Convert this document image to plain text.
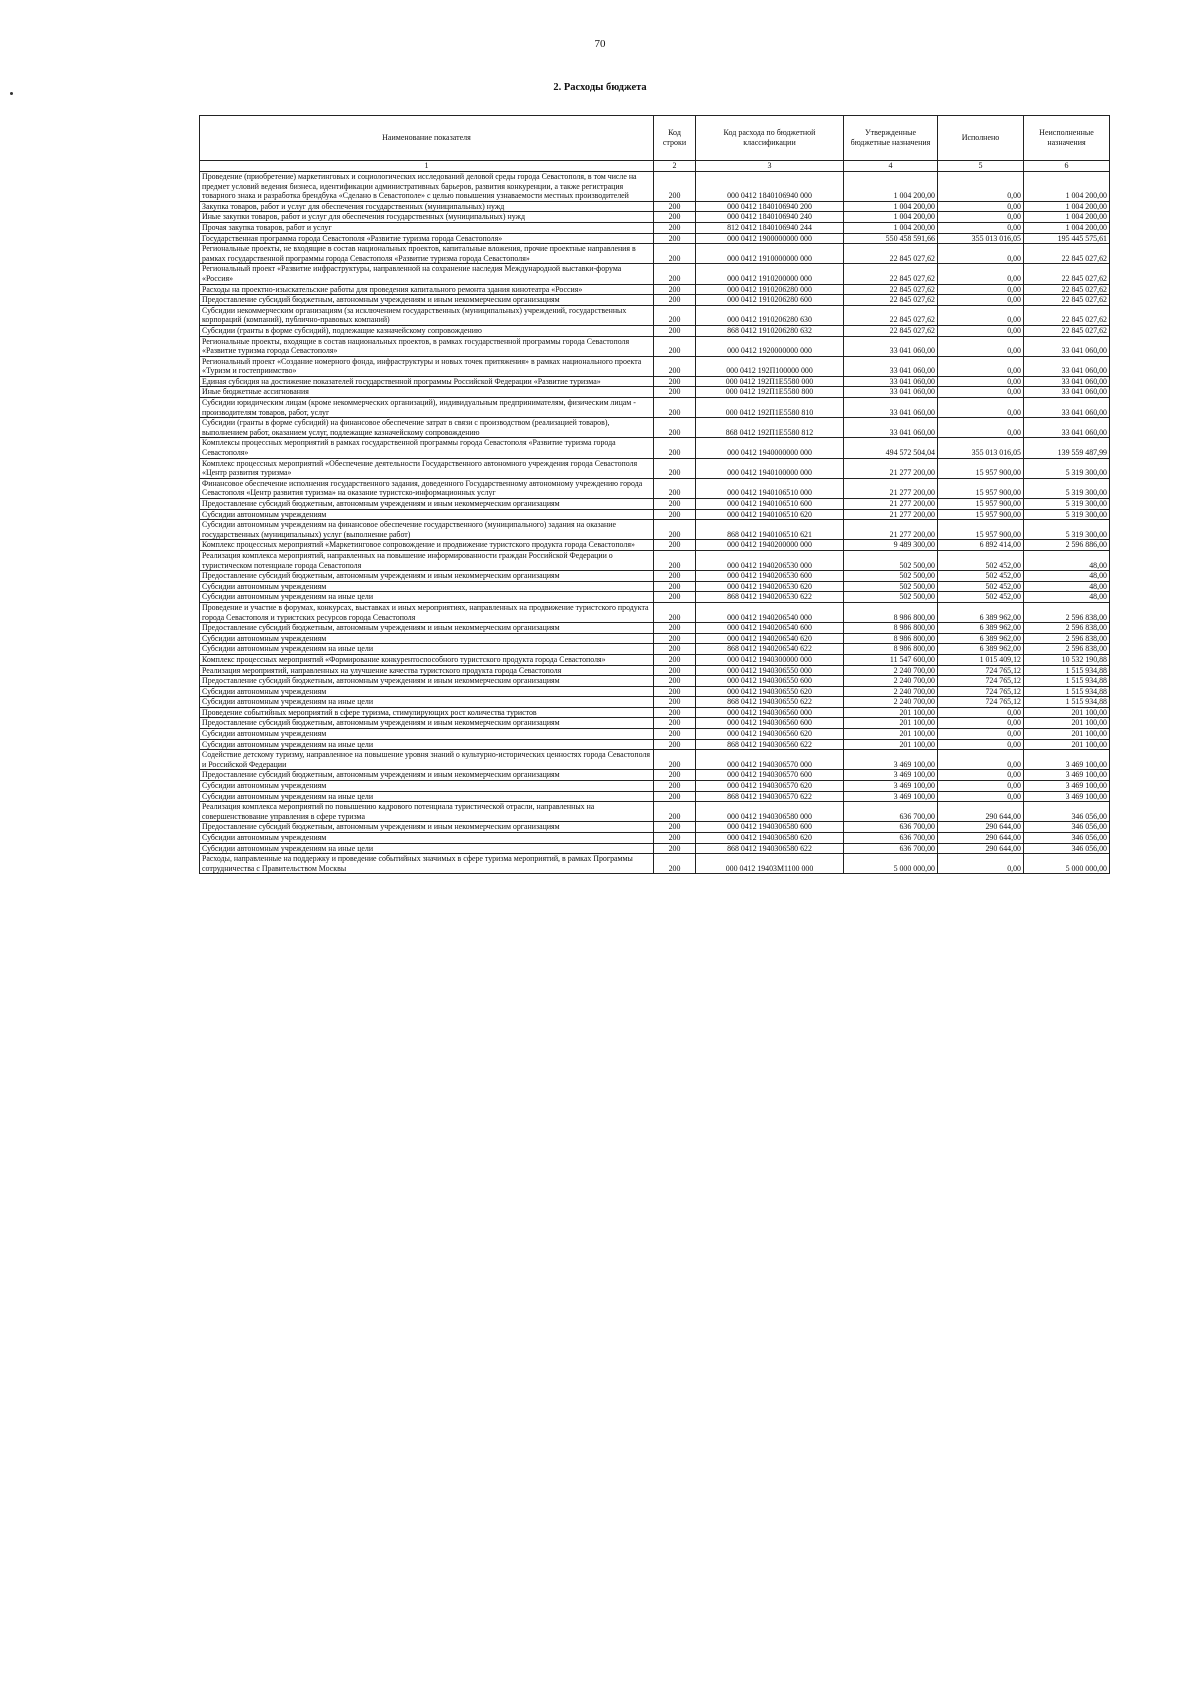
70
2. Расходы бюджета
Наименование показателя	Код строки	Код расхода по бюджетной классификации	Утвержденные бюджетные назначения	Исполнено	Неисполненные назначения
1	2	3	4	5	6
Проведение (приобретение) маркетинговых и социологических исследований деловой среды города Севастополя, в том числе на предмет условий ведения бизнеса, идентификации административных барьеров, развития конкуренции, а также регистрация товарного знака и разработка брендбука «Сделано в Севастополе» с целью повышения узнаваемости местных производителей	200	000 0412 1840106940 000	1 004 200,00	0,00	1 004 200,00
Закупка товаров, работ и услуг для обеспечения государственных (муниципальных) нужд	200	000 0412 1840106940 200	1 004 200,00	0,00	1 004 200,00
Иные закупки товаров, работ и услуг для обеспечения государственных (муниципальных) нужд	200	000 0412 1840106940 240	1 004 200,00	0,00	1 004 200,00
Прочая закупка товаров, работ и услуг	200	812 0412 1840106940 244	1 004 200,00	0,00	1 004 200,00
Государственная программа города Севастополя «Развитие туризма города Севастополя»	200	000 0412 1900000000 000	550 458 591,66	355 013 016,05	195 445 575,61
Региональные проекты, не входящие в состав национальных проектов, капитальные вложения, прочие проектные направления в рамках государственной программы города Севастополя «Развитие туризма города Севастополя»	200	000 0412 1910000000 000	22 845 027,62	0,00	22 845 027,62
Региональный проект «Развитие инфраструктуры, направленной на сохранение наследия Международной выставки-форума «Россия»	200	000 0412 1910200000 000	22 845 027,62	0,00	22 845 027,62
Расходы на проектно-изыскательские работы для проведения капитального ремонта здания кинотеатра «Россия»	200	000 0412 1910206280 000	22 845 027,62	0,00	22 845 027,62
Предоставление субсидий бюджетным, автономным учреждениям и иным некоммерческим организациям	200	000 0412 1910206280 600	22 845 027,62	0,00	22 845 027,62
Субсидии некоммерческим организациям (за исключением государственных (муниципальных) учреждений, государственных корпораций (компаний), публично-правовых компаний)	200	000 0412 1910206280 630	22 845 027,62	0,00	22 845 027,62
Субсидии (гранты в форме субсидий), подлежащие казначейскому сопровождению	200	868 0412 1910206280 632	22 845 027,62	0,00	22 845 027,62
Региональные проекты, входящие в состав национальных проектов, в рамках государственной программы города Севастополя «Развитие туризма города Севастополя»	200	000 0412 1920000000 000	33 041 060,00	0,00	33 041 060,00
Региональный проект «Создание номерного фонда, инфраструктуры и новых точек притяжения» в рамках национального проекта «Туризм и гостеприимство»	200	000 0412 192П100000 000	33 041 060,00	0,00	33 041 060,00
Единая субсидия на достижение показателей государственной программы Российской Федерации «Развитие туризма»	200	000 0412 192П1E5580 000	33 041 060,00	0,00	33 041 060,00
Иные бюджетные ассигнования	200	000 0412 192П1E5580 800	33 041 060,00	0,00	33 041 060,00
Субсидии юридическим лицам (кроме некоммерческих организаций), индивидуальным предпринимателям, физическим лицам - производителям товаров, работ, услуг	200	000 0412 192П1E5580 810	33 041 060,00	0,00	33 041 060,00
Субсидии (гранты в форме субсидий) на финансовое обеспечение затрат в связи с производством (реализацией товаров), выполнением работ, оказанием услуг, подлежащие казначейскому сопровождению	200	868 0412 192П1E5580 812	33 041 060,00	0,00	33 041 060,00
Комплексы процессных мероприятий в рамках государственной программы города Севастополя «Развитие туризма города Севастополя»	200	000 0412 1940000000 000	494 572 504,04	355 013 016,05	139 559 487,99
Комплекс процессных мероприятий «Обеспечение деятельности Государственного автономного учреждения города Севастополя «Центр развития туризма»	200	000 0412 1940100000 000	21 277 200,00	15 957 900,00	5 319 300,00
Финансовое обеспечение исполнения государственного задания, доведенного Государственному автономному учреждению города Севастополя «Центр развития туризма» на оказание туристско-информационных услуг	200	000 0412 1940106510 000	21 277 200,00	15 957 900,00	5 319 300,00
Предоставление субсидий бюджетным, автономным учреждениям и иным некоммерческим организациям	200	000 0412 1940106510 600	21 277 200,00	15 957 900,00	5 319 300,00
Субсидии автономным учреждениям	200	000 0412 1940106510 620	21 277 200,00	15 957 900,00	5 319 300,00
Субсидии автономным учреждениям на финансовое обеспечение государственного (муниципального) задания на оказание государственных (муниципальных) услуг (выполнение работ)	200	868 0412 1940106510 621	21 277 200,00	15 957 900,00	5 319 300,00
Комплекс процессных мероприятий «Маркетинговое сопровождение и продвижение туристского продукта города Севастополя»	200	000 0412 1940200000 000	9 489 300,00	6 892 414,00	2 596 886,00
Реализация комплекса мероприятий, направленных на повышение информированности граждан Российской Федерации о туристическом потенциале города Севастополя	200	000 0412 1940206530 000	502 500,00	502 452,00	48,00
Предоставление субсидий бюджетным, автономным учреждениям и иным некоммерческим организациям	200	000 0412 1940206530 600	502 500,00	502 452,00	48,00
Субсидии автономным учреждениям	200	000 0412 1940206530 620	502 500,00	502 452,00	48,00
Субсидии автономным учреждениям на иные цели	200	868 0412 1940206530 622	502 500,00	502 452,00	48,00
Проведение и участие в форумах, конкурсах, выставках и иных мероприятиях, направленных на продвижение туристского продукта города Севастополя и туристских ресурсов города Севастополя	200	000 0412 1940206540 000	8 986 800,00	6 389 962,00	2 596 838,00
Предоставление субсидий бюджетным, автономным учреждениям и иным некоммерческим организациям	200	000 0412 1940206540 600	8 986 800,00	6 389 962,00	2 596 838,00
Субсидии автономным учреждениям	200	000 0412 1940206540 620	8 986 800,00	6 389 962,00	2 596 838,00
Субсидии автономным учреждениям на иные цели	200	868 0412 1940206540 622	8 986 800,00	6 389 962,00	2 596 838,00
Комплекс процессных мероприятий «Формирование конкурентоспособного туристского продукта города Севастополя»	200	000 0412 1940300000 000	11 547 600,00	1 015 409,12	10 532 190,88
Реализация мероприятий, направленных на улучшение качества туристского продукта города Севастополя	200	000 0412 1940306550 000	2 240 700,00	724 765,12	1 515 934,88
Предоставление субсидий бюджетным, автономным учреждениям и иным некоммерческим организациям	200	000 0412 1940306550 600	2 240 700,00	724 765,12	1 515 934,88
Субсидии автономным учреждениям	200	000 0412 1940306550 620	2 240 700,00	724 765,12	1 515 934,88
Субсидии автономным учреждениям на иные цели	200	868 0412 1940306550 622	2 240 700,00	724 765,12	1 515 934,88
Проведение событийных мероприятий в сфере туризма, стимулирующих рост количества туристов	200	000 0412 1940306560 000	201 100,00	0,00	201 100,00
Предоставление субсидий бюджетным, автономным учреждениям и иным некоммерческим организациям	200	000 0412 1940306560 600	201 100,00	0,00	201 100,00
Субсидии автономным учреждениям	200	000 0412 1940306560 620	201 100,00	0,00	201 100,00
Субсидии автономным учреждениям на иные цели	200	868 0412 1940306560 622	201 100,00	0,00	201 100,00
Содействие детскому туризму, направленное на повышение уровня знаний о культурно-исторических ценностях города Севастополя и Российской Федерации	200	000 0412 1940306570 000	3 469 100,00	0,00	3 469 100,00
Предоставление субсидий бюджетным, автономным учреждениям и иным некоммерческим организациям	200	000 0412 1940306570 600	3 469 100,00	0,00	3 469 100,00
Субсидии автономным учреждениям	200	000 0412 1940306570 620	3 469 100,00	0,00	3 469 100,00
Субсидии автономным учреждениям на иные цели	200	868 0412 1940306570 622	3 469 100,00	0,00	3 469 100,00
Реализация комплекса мероприятий по повышению кадрового потенциала туристической отрасли, направленных на совершенствование управления в сфере туризма	200	000 0412 1940306580 000	636 700,00	290 644,00	346 056,00
Предоставление субсидий бюджетным, автономным учреждениям и иным некоммерческим организациям	200	000 0412 1940306580 600	636 700,00	290 644,00	346 056,00
Субсидии автономным учреждениям	200	000 0412 1940306580 620	636 700,00	290 644,00	346 056,00
Субсидии автономным учреждениям на иные цели	200	868 0412 1940306580 622	636 700,00	290 644,00	346 056,00
Расходы, направленные на поддержку и проведение событийных значимых в сфере туризма мероприятий, в рамках Программы сотрудничества с Правительством Москвы	200	000 0412 19403M1100 000	5 000 000,00	0,00	5 000 000,00
